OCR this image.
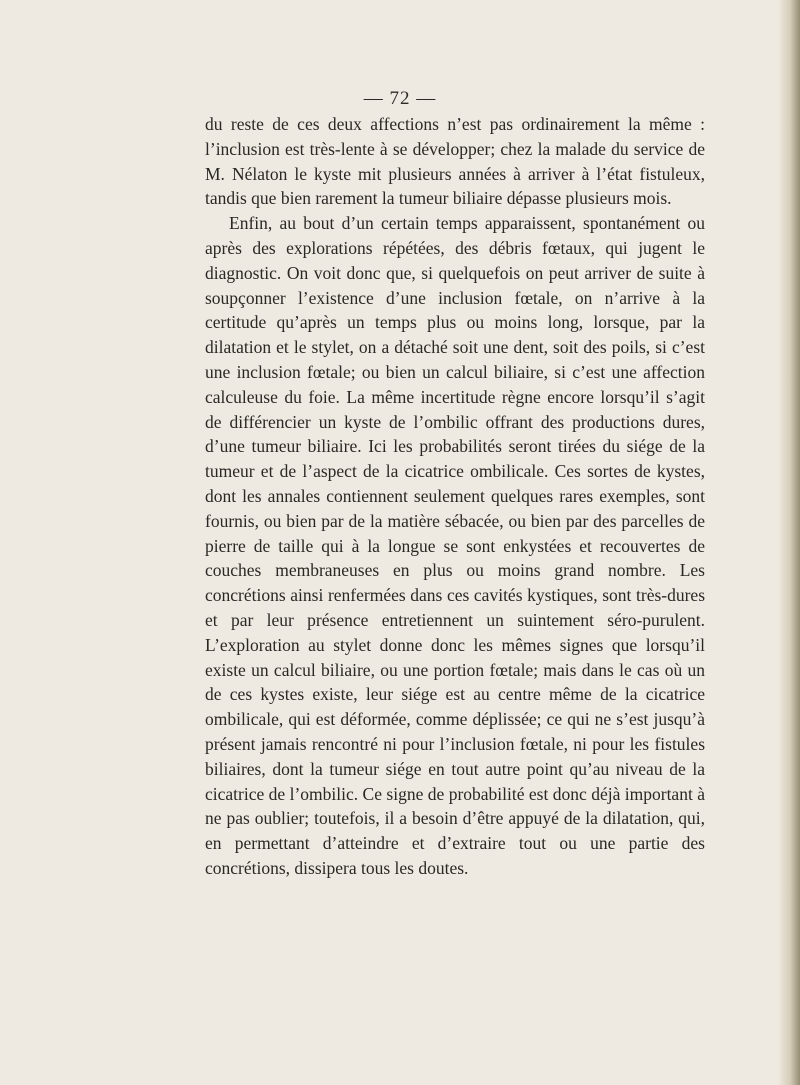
— 72 —

du reste de ces deux affections n’est pas ordinairement la même : l’inclusion est très-lente à se développer; chez la malade du service de M. Nélaton le kyste mit plusieurs années à arriver à l’état fistuleux, tandis que bien rarement la tumeur biliaire dépasse plusieurs mois.

Enfin, au bout d’un certain temps apparaissent, spontanément ou après des explorations répétées, des débris fœtaux, qui jugent le diagnostic. On voit donc que, si quelquefois on peut arriver de suite à soupçonner l’existence d’une inclusion fœtale, on n’arrive à la certitude qu’après un temps plus ou moins long, lorsque, par la dilatation et le stylet, on a détaché soit une dent, soit des poils, si c’est une inclusion fœtale; ou bien un calcul biliaire, si c’est une affection calculeuse du foie. La même incertitude règne encore lorsqu’il s’agit de différencier un kyste de l’ombilic offrant des productions dures, d’une tumeur biliaire. Ici les probabilités seront tirées du siége de la tumeur et de l’aspect de la cicatrice ombilicale. Ces sortes de kystes, dont les annales contiennent seulement quelques rares exemples, sont fournis, ou bien par de la matière sébacée, ou bien par des parcelles de pierre de taille qui à la longue se sont enkystées et recouvertes de couches membraneuses en plus ou moins grand nombre. Les concrétions ainsi renfermées dans ces cavités kystiques, sont très-dures et par leur présence entretiennent un suintement séro-purulent. L’exploration au stylet donne donc les mêmes signes que lorsqu’il existe un calcul biliaire, ou une portion fœtale; mais dans le cas où un de ces kystes existe, leur siége est au centre même de la cicatrice ombilicale, qui est déformée, comme déplissée; ce qui ne s’est jusqu’à présent jamais rencontré ni pour l’inclusion fœtale, ni pour les fistules biliaires, dont la tumeur siége en tout autre point qu’au niveau de la cicatrice de l’ombilic. Ce signe de probabilité est donc déjà important à ne pas oublier; toutefois, il a besoin d’être appuyé de la dilatation, qui, en permettant d’atteindre et d’extraire tout ou une partie des concrétions, dissipera tous les doutes.
